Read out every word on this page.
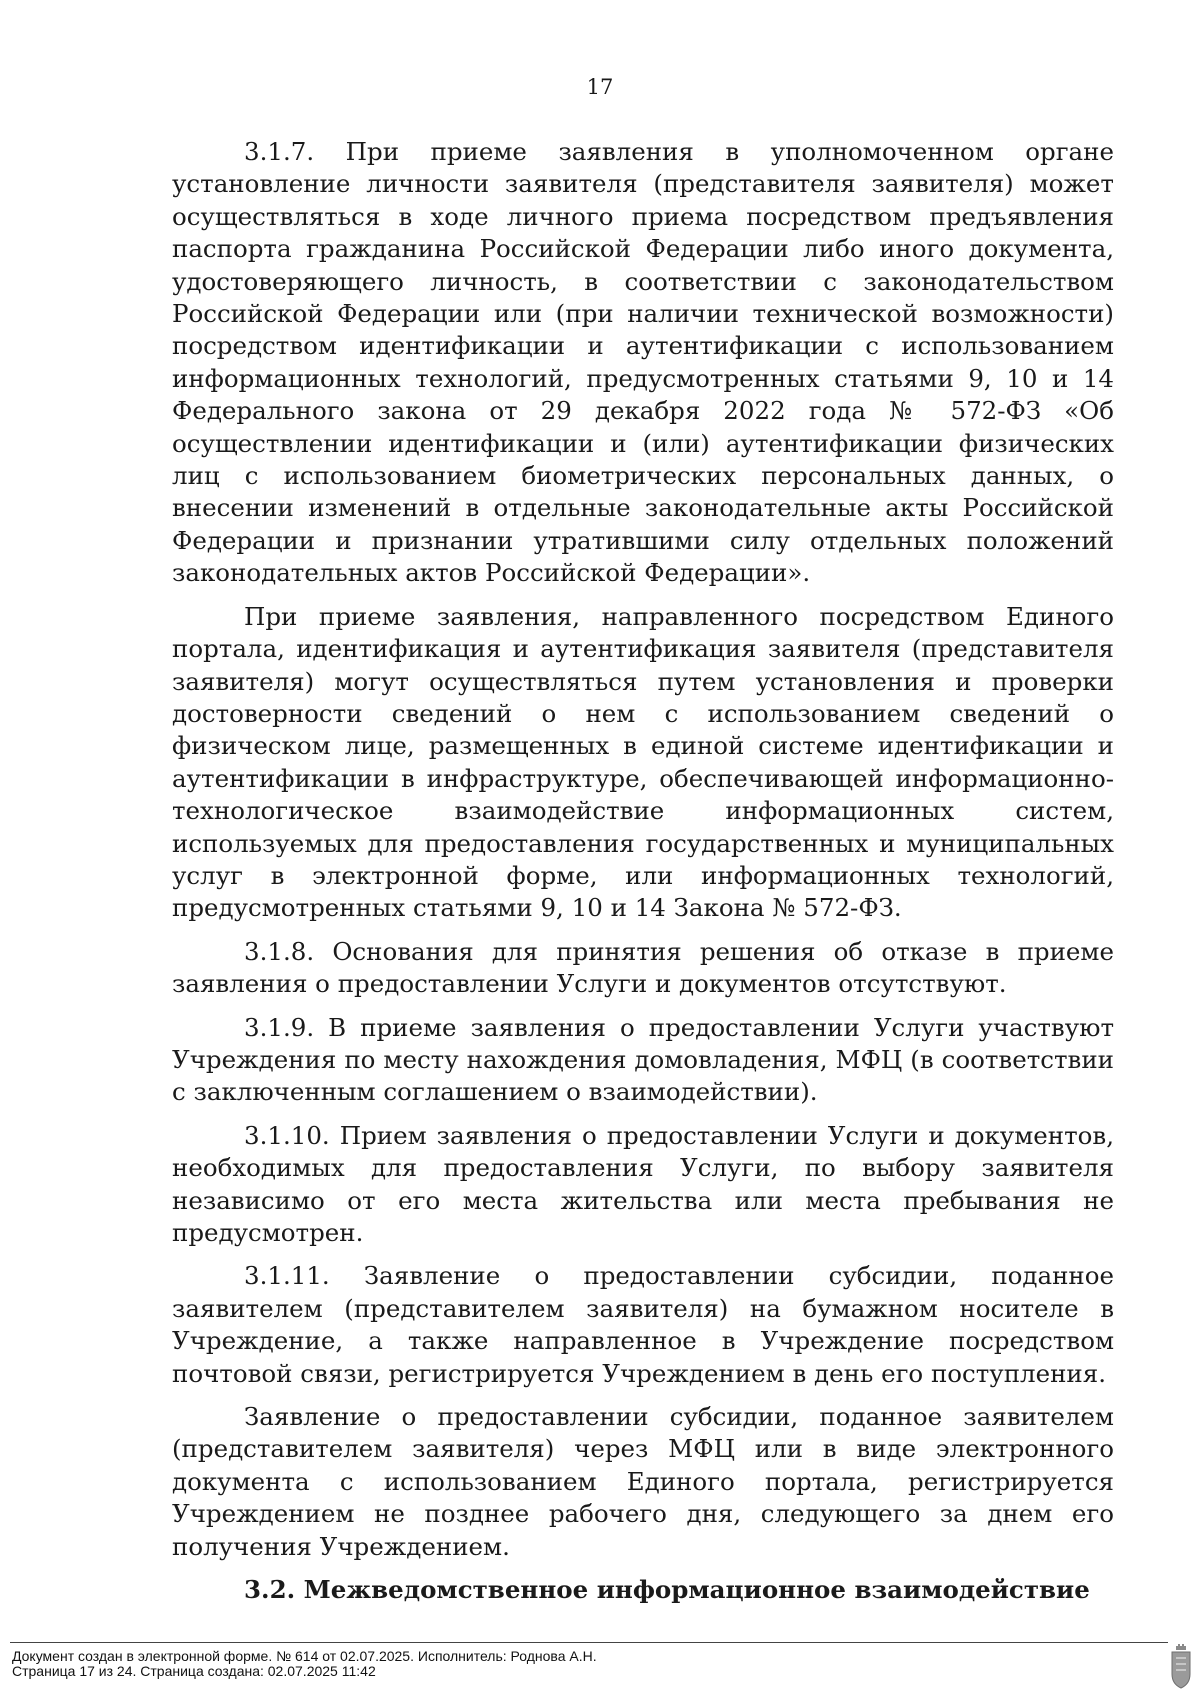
17

3.1.7. При приеме заявления в уполномоченном органе установление личности заявителя (представителя заявителя) может осуществляться в ходе личного приема посредством предъявления паспорта гражданина Российской Федерации либо иного документа, удостоверяющего личность, в соответствии с законодательством Российской Федерации или (при наличии технической возможности) посредством идентификации и аутентификации с использованием информационных технологий, предусмотренных статьями 9, 10 и 14 Федерального закона от 29 декабря 2022 года № 572-ФЗ «Об осуществлении идентификации и (или) аутентификации физических лиц с использованием биометрических персональных данных, о внесении изменений в отдельные законодательные акты Российской Федерации и признании утратившими силу отдельных положений законодательных актов Российской Федерации».

При приеме заявления, направленного посредством Единого портала, идентификация и аутентификация заявителя (представителя заявителя) могут осуществляться путем установления и проверки достоверности сведений о нем с использованием сведений о физическом лице, размещенных в единой системе идентификации и аутентификации в инфраструктуре, обеспечивающей информационно-технологическое взаимодействие информационных систем, используемых для предоставления государственных и муниципальных услуг в электронной форме, или информационных технологий, предусмотренных статьями 9, 10 и 14 Закона № 572-ФЗ.

3.1.8. Основания для принятия решения об отказе в приеме заявления о предоставлении Услуги и документов отсутствуют.

3.1.9. В приеме заявления о предоставлении Услуги участвуют Учреждения по месту нахождения домовладения, МФЦ (в соответствии с заключенным соглашением о взаимодействии).

3.1.10. Прием заявления о предоставлении Услуги и документов, необходимых для предоставления Услуги, по выбору заявителя независимо от его места жительства или места пребывания не предусмотрен.

3.1.11. Заявление о предоставлении субсидии, поданное заявителем (представителем заявителя) на бумажном носителе в Учреждение, а также направленное в Учреждение посредством почтовой связи, регистрируется Учреждением в день его поступления.

Заявление о предоставлении субсидии, поданное заявителем (представителем заявителя) через МФЦ или в виде электронного документа с использованием Единого портала, регистрируется Учреждением не позднее рабочего дня, следующего за днем его получения Учреждением.

3.2. Межведомственное информационное взаимодействие

Документ создан в электронной форме. № 614 от 02.07.2025. Исполнитель: Роднова А.Н.
Страница 17 из 24. Страница создана: 02.07.2025 11:42
